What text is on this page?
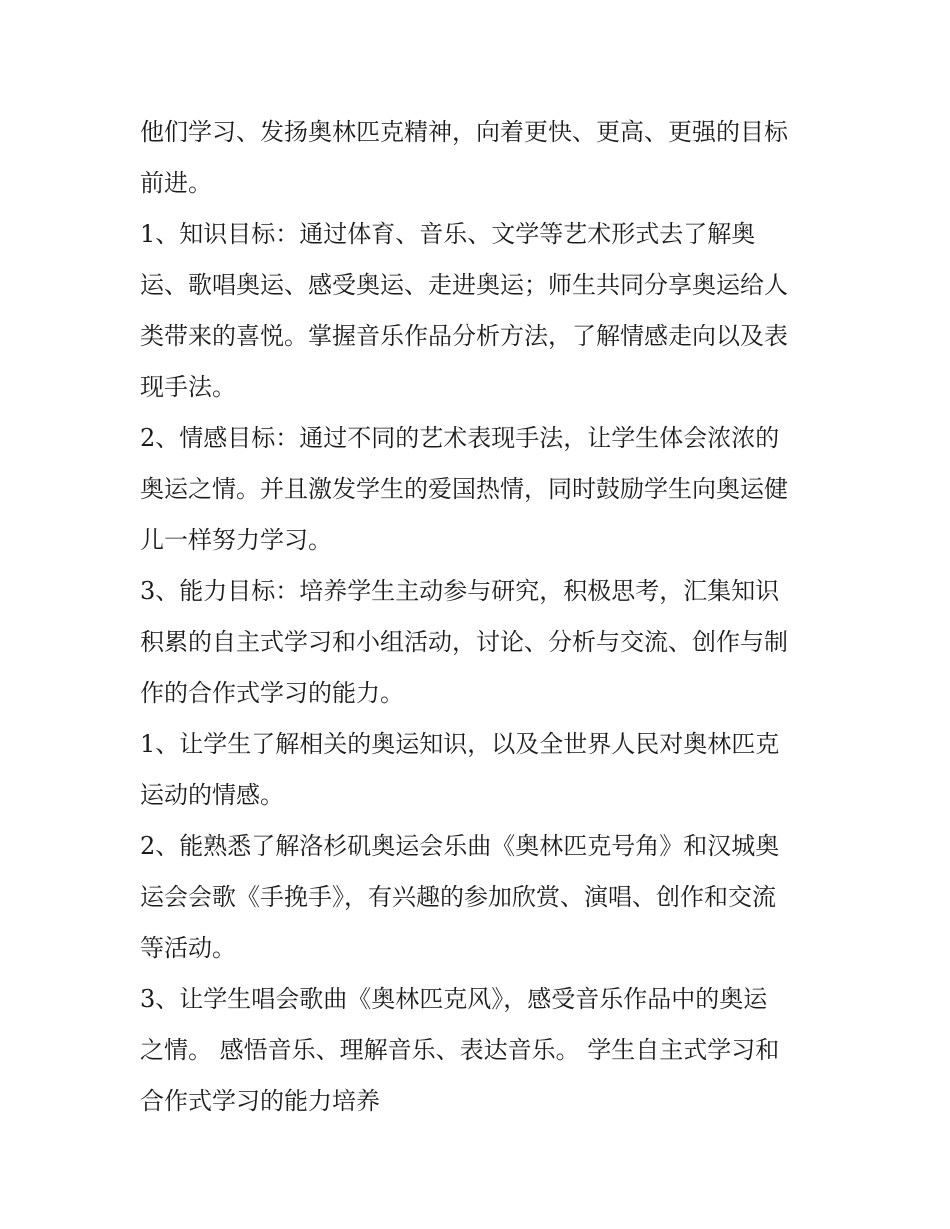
他们学习、发扬奥林匹克精神，向着更快、更高、更强的目标
前进。
1、知识目标：通过体育、音乐、文学等艺术形式去了解奥
运、歌唱奥运、感受奥运、走进奥运；师生共同分享奥运给人
类带来的喜悦。掌握音乐作品分析方法，了解情感走向以及表
现手法。
2、情感目标：通过不同的艺术表现手法，让学生体会浓浓的
奥运之情。并且激发学生的爱国热情，同时鼓励学生向奥运健
儿一样努力学习。
3、能力目标：培养学生主动参与研究，积极思考，汇集知识
积累的自主式学习和小组活动，讨论、分析与交流、创作与制
作的合作式学习的能力。
1、让学生了解相关的奥运知识，以及全世界人民对奥林匹克
运动的情感。
2、能熟悉了解洛杉矶奥运会乐曲《奥林匹克号角》和汉城奥
运会会歌《手挽手》，有兴趣的参加欣赏、演唱、创作和交流
等活动。
3、让学生唱会歌曲《奥林匹克风》，感受音乐作品中的奥运
之情。 感悟音乐、理解音乐、表达音乐。 学生自主式学习和
合作式学习的能力培养
